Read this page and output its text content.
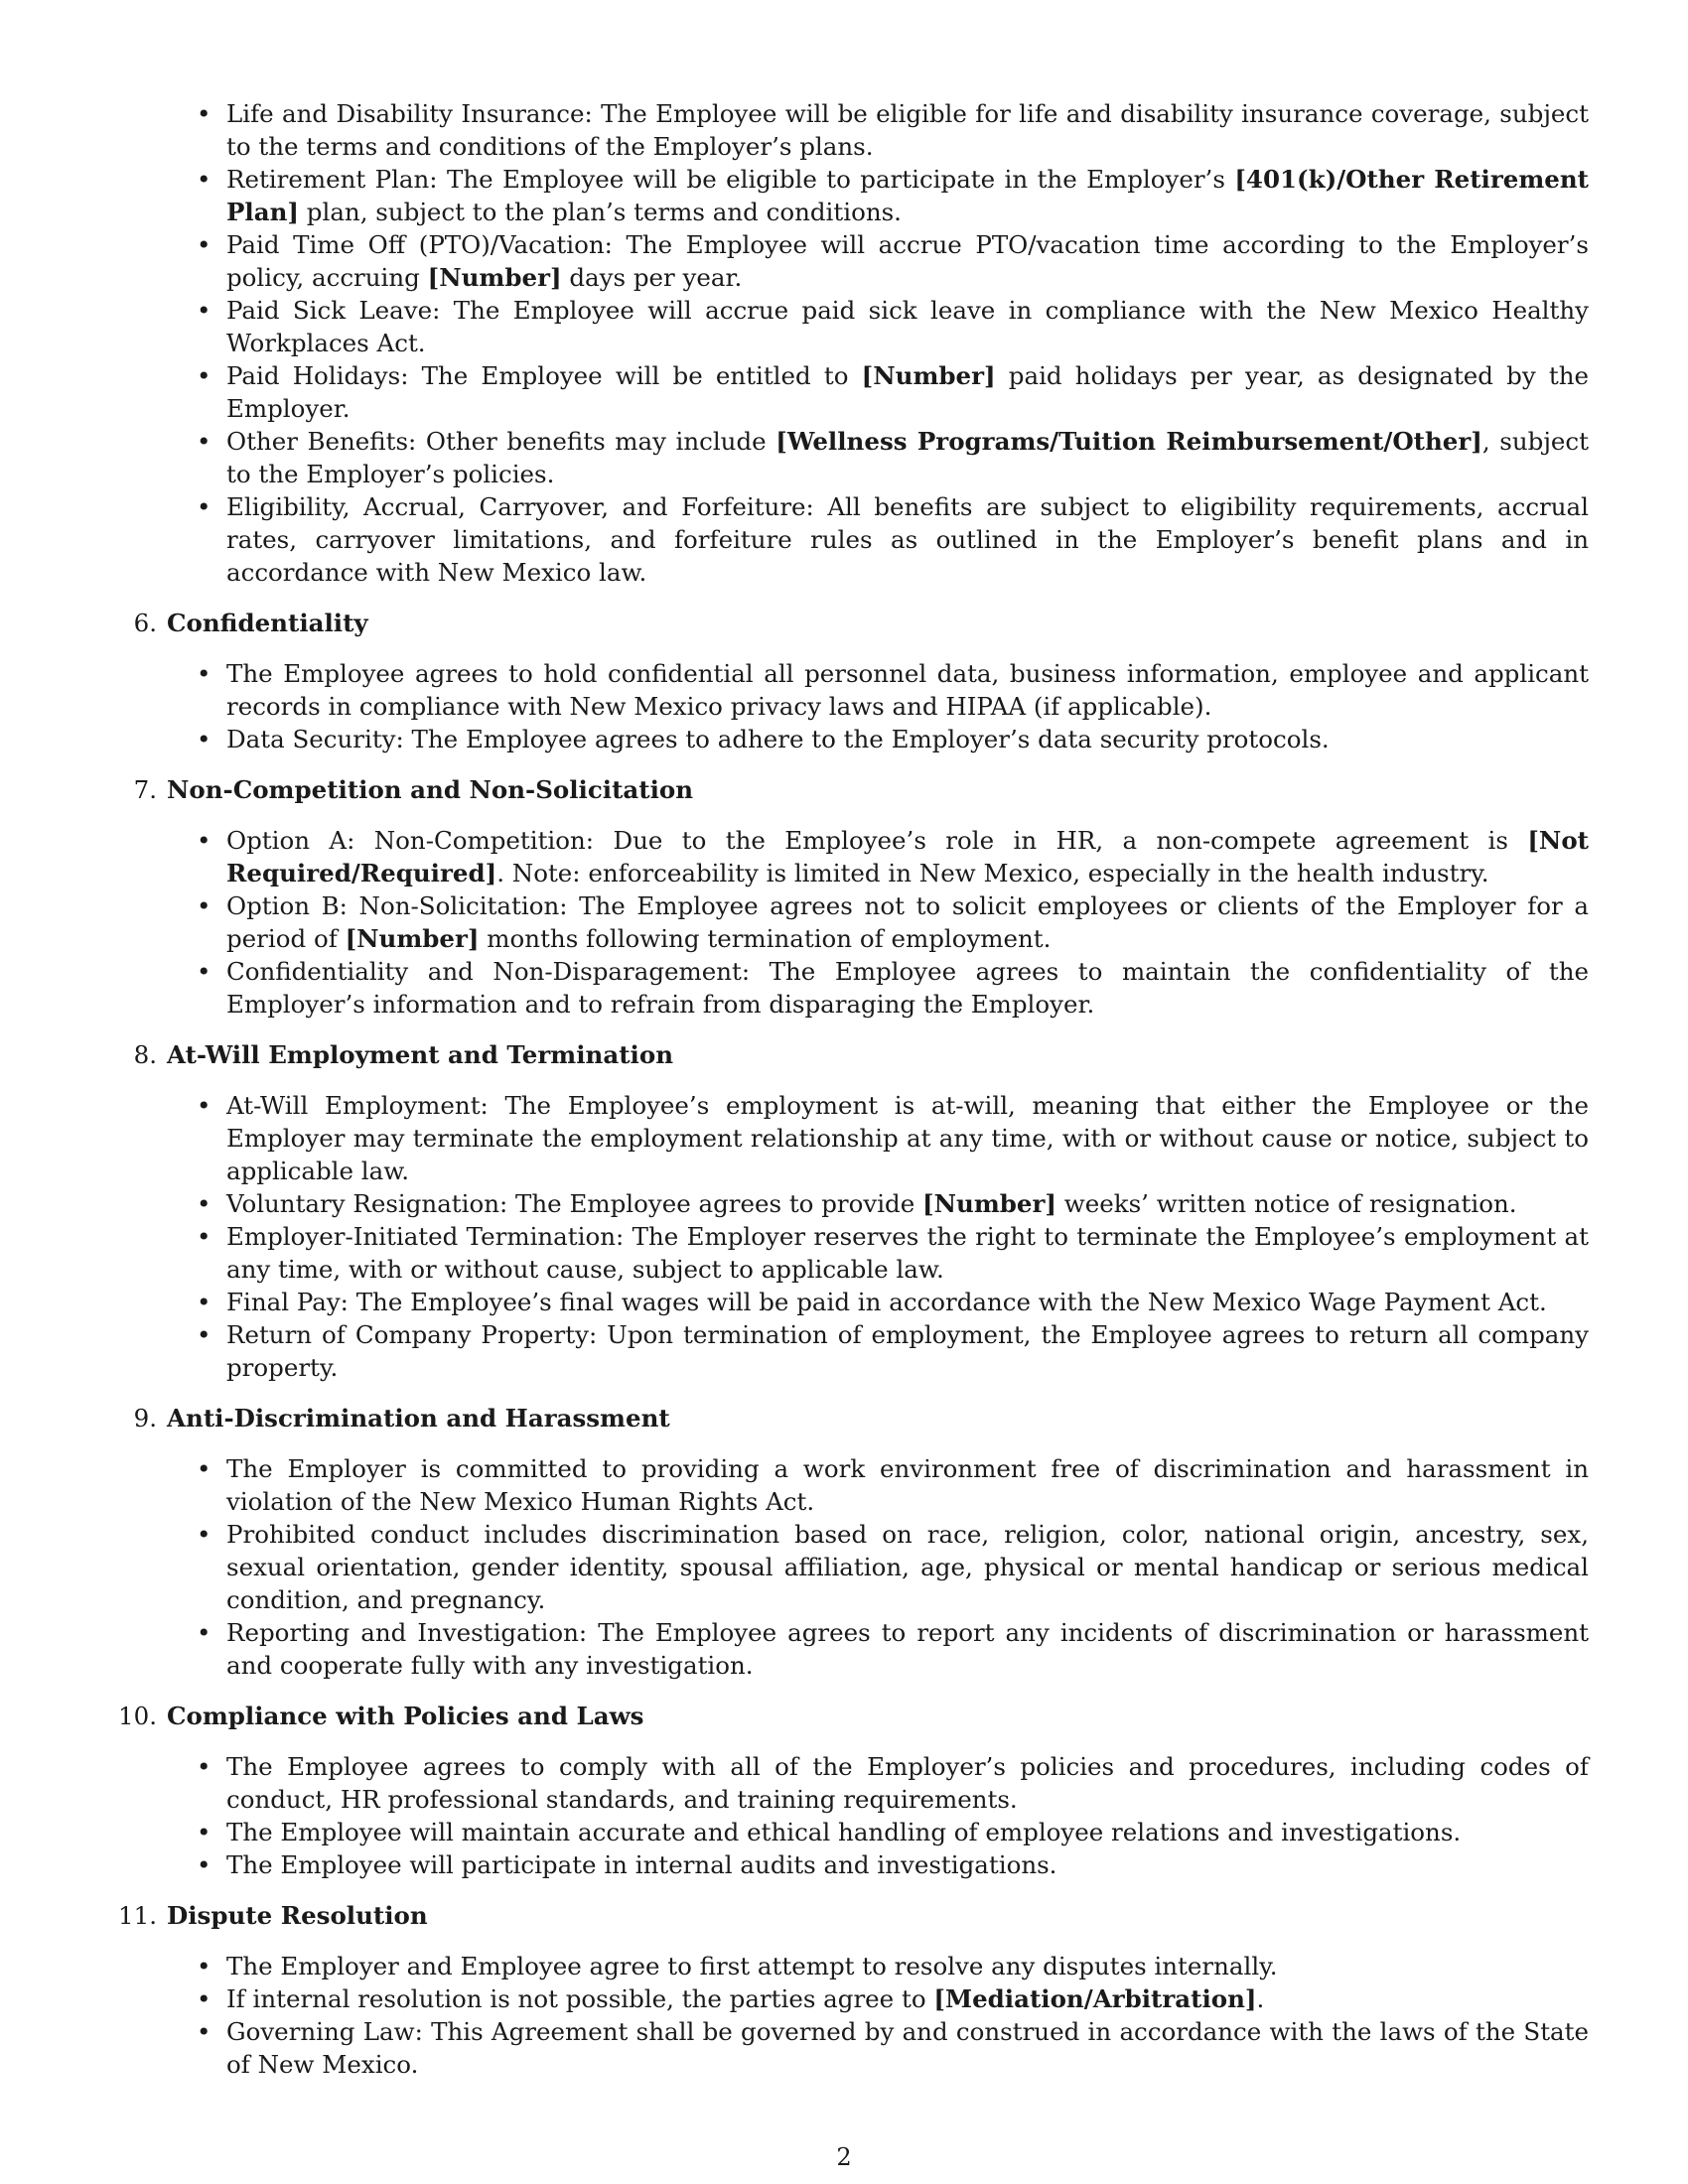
• Life and Disability Insurance: The Employee will be eligible for life and disability insurance coverage, subject to the terms and conditions of the Employer’s plans.
• Retirement Plan: The Employee will be eligible to participate in the Employer’s [401(k)/Other Retirement Plan] plan, subject to the plan’s terms and conditions.
• Paid Time Off (PTO)/Vacation: The Employee will accrue PTO/vacation time according to the Employer’s policy, accruing [Number] days per year.
• Paid Sick Leave: The Employee will accrue paid sick leave in compliance with the New Mexico Healthy Workplaces Act.
• Paid Holidays: The Employee will be entitled to [Number] paid holidays per year, as designated by the Employer.
• Other Benefits: Other benefits may include [Wellness Programs/Tuition Reimbursement/Other], subject to the Employer’s policies.
• Eligibility, Accrual, Carryover, and Forfeiture: All benefits are subject to eligibility requirements, accrual rates, carryover limitations, and forfeiture rules as outlined in the Employer’s benefit plans and in accordance with New Mexico law.
6. Confidentiality
• The Employee agrees to hold confidential all personnel data, business information, employee and applicant records in compliance with New Mexico privacy laws and HIPAA (if applicable).
• Data Security: The Employee agrees to adhere to the Employer’s data security protocols.
7. Non-Competition and Non-Solicitation
• Option A: Non-Competition: Due to the Employee’s role in HR, a non-compete agreement is [Not Required/Required]. Note: enforceability is limited in New Mexico, especially in the health industry.
• Option B: Non-Solicitation: The Employee agrees not to solicit employees or clients of the Employer for a period of [Number] months following termination of employment.
• Confidentiality and Non-Disparagement: The Employee agrees to maintain the confidentiality of the Employer’s information and to refrain from disparaging the Employer.
8. At-Will Employment and Termination
• At-Will Employment: The Employee’s employment is at-will, meaning that either the Employee or the Employer may terminate the employment relationship at any time, with or without cause or notice, subject to applicable law.
• Voluntary Resignation: The Employee agrees to provide [Number] weeks’ written notice of resignation.
• Employer-Initiated Termination: The Employer reserves the right to terminate the Employee’s employment at any time, with or without cause, subject to applicable law.
• Final Pay: The Employee’s final wages will be paid in accordance with the New Mexico Wage Payment Act.
• Return of Company Property: Upon termination of employment, the Employee agrees to return all company property.
9. Anti-Discrimination and Harassment
• The Employer is committed to providing a work environment free of discrimination and harassment in violation of the New Mexico Human Rights Act.
• Prohibited conduct includes discrimination based on race, religion, color, national origin, ancestry, sex, sexual orientation, gender identity, spousal affiliation, age, physical or mental handicap or serious medical condition, and pregnancy.
• Reporting and Investigation: The Employee agrees to report any incidents of discrimination or harassment and cooperate fully with any investigation.
10. Compliance with Policies and Laws
• The Employee agrees to comply with all of the Employer’s policies and procedures, including codes of conduct, HR professional standards, and training requirements.
• The Employee will maintain accurate and ethical handling of employee relations and investigations.
• The Employee will participate in internal audits and investigations.
11. Dispute Resolution
• The Employer and Employee agree to first attempt to resolve any disputes internally.
• If internal resolution is not possible, the parties agree to [Mediation/Arbitration].
• Governing Law: This Agreement shall be governed by and construed in accordance with the laws of the State of New Mexico.
2
